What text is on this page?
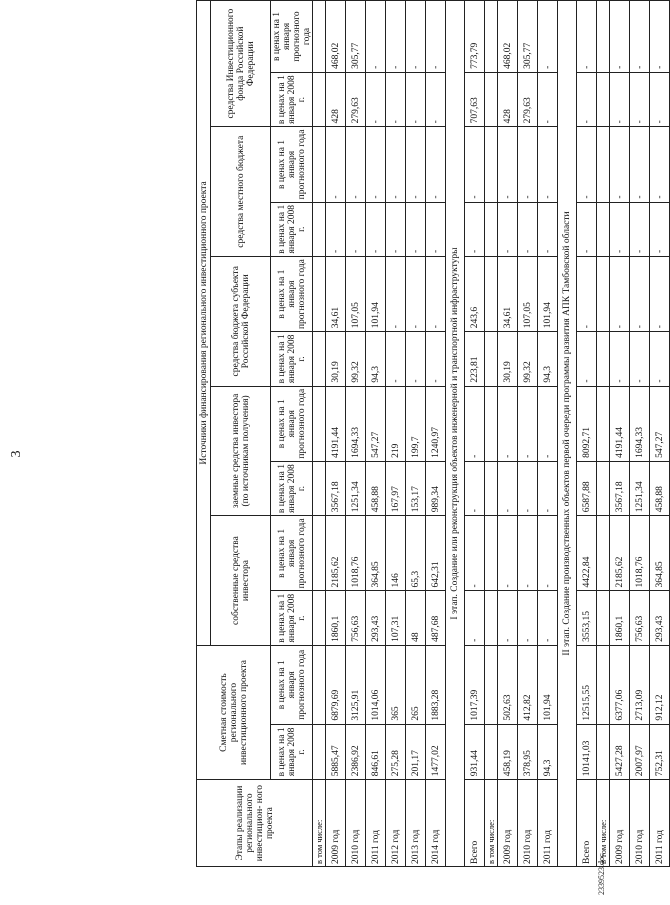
3
Этапы реализации регионального инвестицион- ного проекта	Сметная стоимость регионального инвестиционного проекта		Источники финансирования регионального инвестиционного проекта									
			собственные средства инвестора		заемные средства инвестора (по источникам получения)		средства бюджета субъекта Российской Федерации		средства местного бюджета		средства Инвестиционного фонда Российской Федерации	
	в ценах на 1 января 2008 г.	в ценах на 1 января прогнозного года	в ценах на 1 января 2008 г.	в ценах на 1 января прогнозного года	в ценах на 1 января 2008 г.	в ценах на 1 января прогнозного года	в ценах на 1 января 2008 г.	в ценах на 1 января прогнозного года	в ценах на 1 января 2008 г.	в ценах на 1 января прогнозного года	в ценах на 1 января 2008 г.	в ценах на 1 января прогнозного года
в том числе:												
2009 год	5885,47	6879,69	1860,1	2185,62	3567,18	4191,44	30,19	34,61	-	-	428	468,02
2010 год	2386,92	3125,91	756,63	1018,76	1251,34	1694,33	99,32	107,05	-	-	279,63	305,77
2011 год	846,61	1014,06	293,43	364,85	458,88	547,27	94,3	101,94	-	-	-	-
2012 год	275,28	365	107,31	146	167,97	219	-	-	-	-	-	-
2013 год	201,17	265	48	65,3	153,17	199,7	-	-	-	-	-	-
2014 год	1477,02	1883,28	487,68	642,31	989,34	1240,97	-	-	-	-	-	-
I этап. Создание или реконструкция объектов инженерной и транспортной инфраструктуры												
Всего	931,44	1017,39	-	-	-	-	223,81	243,6	-	-	707,63	773,79
в том числе:												
2009 год	458,19	502,63	-	-	-	-	30,19	34,61	-	-	428	468,02
2010 год	378,95	412,82	-	-	-	-	99,32	107,05	-	-	279,63	305,77
2011 год	94,3	101,94	-	-	-	-	94,3	101,94	-	-	-	-
II этап. Создание производственных объектов первой очереди программы развития АПК Тамбовской области												
Всего	10141,03	12515,55	3553,15	4422,84	6587,88	8092,71	-	-	-	-	-	-
в том числе:												
2009 год	5427,28	6377,06	1860,1	2185,62	3567,18	4191,44	-	-	-	-	-	-
2010 год	2007,97	2713,09	756,63	1018,76	1251,34	1694,33	-	-	-	-	-	-
2011 год	752,31	912,12	293,43	364,85	458,88	547,27	-	-	-	-	-	-
2339523.doc
